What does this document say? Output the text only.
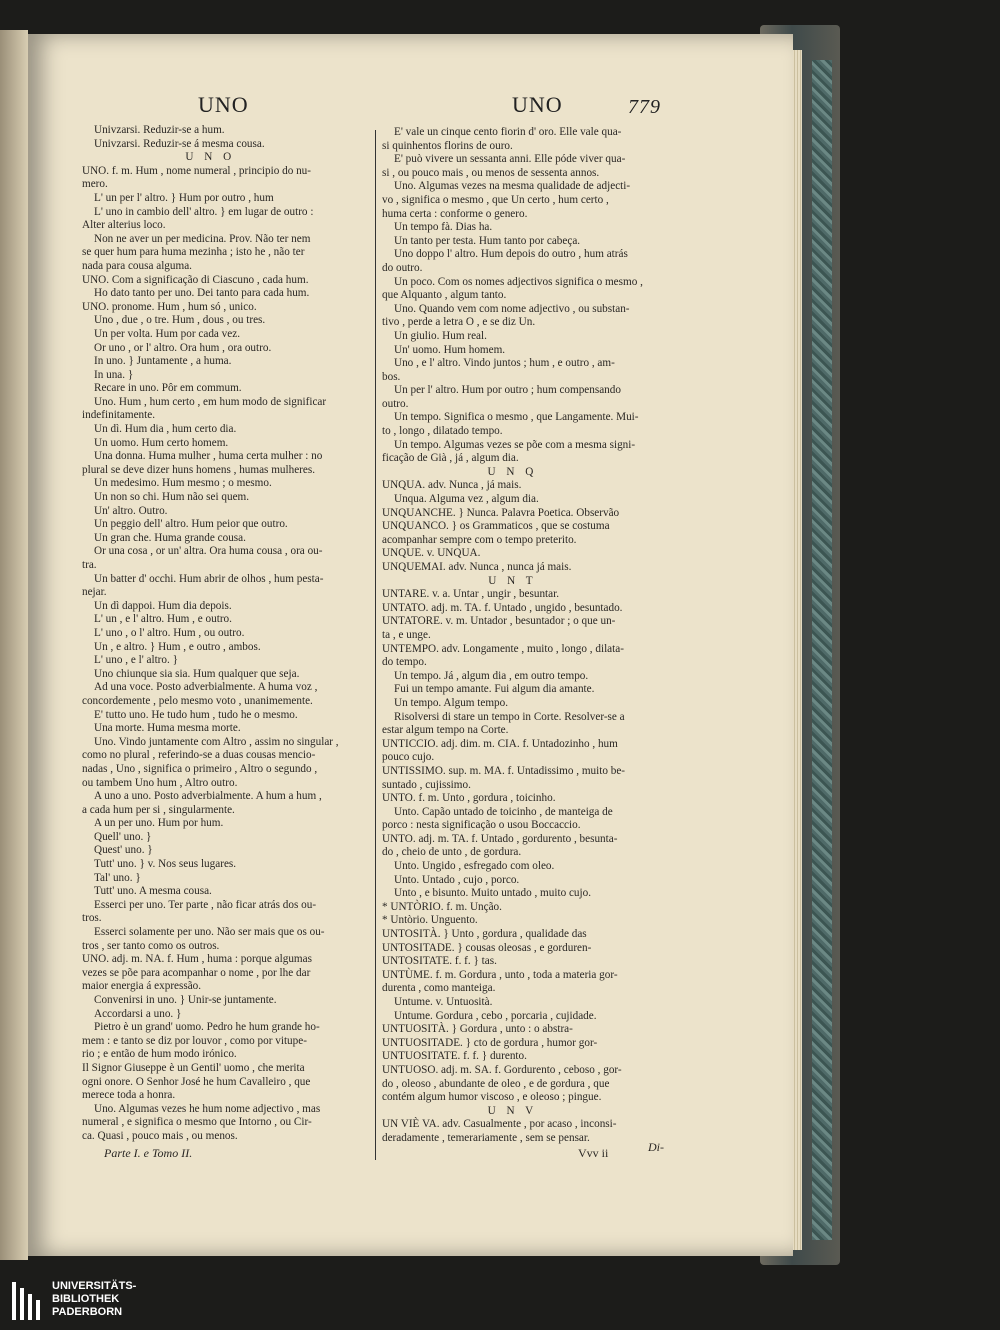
UNO	UNO	779

Univzarsi. Reduzir-se a hum.

Univzarsi. Reduzir-se á mesma cousa.

U N O

UNO. f. m. Hum , nome numeral , principio do nu-

mero.

L' un per l' altro. } Hum por outro , hum

L' uno in cambio dell' altro. } em lugar de outro :

Alter alterius loco.

Non ne aver un per medicina. Prov. Não ter nem

se quer hum para huma mezinha ; isto he , não ter

nada para cousa alguma.

UNO. Com a significação di Ciascuno , cada hum.

Ho dato tanto per uno. Dei tanto para cada hum.

UNO. pronome. Hum , hum só , unico.

Uno , due , o tre. Hum , dous , ou tres.

Un per volta. Hum por cada vez.

Or uno , or l' altro. Ora hum , ora outro.

In uno. } Juntamente , a huma.

In una. }

Recare in uno. Pôr em commum.

Uno. Hum , hum certo , em hum modo de significar

indefinitamente.

Un dì. Hum dia , hum certo dia.

Un uomo. Hum certo homem.

Una donna. Huma mulher , huma certa mulher : no

plural se deve dizer huns homens , humas mulheres.

Un medesimo. Hum mesmo ; o mesmo.

Un non so chi. Hum não sei quem.

Un' altro. Outro.

Un peggio dell' altro. Hum peior que outro.

Un gran che. Huma grande cousa.

Or una cosa , or un' altra. Ora huma cousa , ora ou-

tra.

Un batter d' occhi. Hum abrir de olhos , hum pesta-

nejar.

Un dì dappoi. Hum dia depois.

L' un , e l' altro. Hum , e outro.

L' uno , o l' altro. Hum , ou outro.

Un , e altro. } Hum , e outro , ambos.

L' uno , e l' altro. }

Uno chiunque sia sia. Hum qualquer que seja.

Ad una voce. Posto adverbialmente. A huma voz ,

concordemente , pelo mesmo voto , unanimemente.

E' tutto uno. He tudo hum , tudo he o mesmo.

Una morte. Huma mesma morte.

Uno. Vindo juntamente com Altro , assim no singular ,

como no plural , referindo-se a duas cousas mencio-

nadas , Uno , significa o primeiro , Altro o segundo ,

ou tambem Uno hum , Altro outro.

A uno a uno. Posto adverbialmente. A hum a hum ,

a cada hum per si , singularmente.

A un per uno. Hum por hum.

Quell' uno. }

Quest' uno. }

Tutt' uno. } v. Nos seus lugares.

Tal' uno. }

Tutt' uno. A mesma cousa.

Esserci per uno. Ter parte , não ficar atrás dos ou-

tros.

Esserci solamente per uno. Não ser mais que os ou-

tros , ser tanto como os outros.

UNO. adj. m. NA. f. Hum , huma : porque algumas

vezes se põe para acompanhar o nome , por lhe dar

maior energia á expressão.

Convenirsi in uno. } Unir-se juntamente.

Accordarsi a uno. }

Pietro è un grand' uomo. Pedro he hum grande ho-

mem : e tanto se diz por louvor , como por vitupe-

rio ; e então de hum modo irónico.

Il Signor Giuseppe è un Gentil' uomo , che merita

ogni onore. O Senhor José he hum Cavalleiro , que

merece toda a honra.

Uno. Algumas vezes he hum nome adjectivo , mas

numeral , e significa o mesmo que Intorno , ou Cir-

ca. Quasi , pouco mais , ou menos.

E' vale un cinque cento fiorin d' oro. Elle vale qua-

si quinhentos florins de ouro.

E' può vivere un sessanta anni. Elle póde viver qua-

si , ou pouco mais , ou menos de sessenta annos.

Uno. Algumas vezes na mesma qualidade de adjecti-

vo , significa o mesmo , que Un certo , hum certo ,

huma certa : conforme o genero.

Un tempo fà. Dias ha.

Un tanto per testa. Hum tanto por cabeça.

Uno doppo l' altro. Hum depois do outro , hum atrás

do outro.

Un poco. Com os nomes adjectivos significa o mesmo ,

que Alquanto , algum tanto.

Uno. Quando vem com nome adjectivo , ou substan-

tivo , perde a letra O , e se diz Un.

Un giulio. Hum real.

Un' uomo. Hum homem.

Uno , e l' altro. Vindo juntos ; hum , e outro , am-

bos.

Un per l' altro. Hum por outro ; hum compensando

outro.

Un tempo. Significa o mesmo , que Langamente. Mui-

to , longo , dilatado tempo.

Un tempo. Algumas vezes se põe com a mesma signi-

ficação de Già , já , algum dia.

U N Q

UNQUA. adv. Nunca , já mais.

Unqua. Alguma vez , algum dia.

UNQUANCHE. } Nunca. Palavra Poetica. Observão

UNQUANCO. } os Grammaticos , que se costuma

acompanhar sempre com o tempo preterito.

UNQUE. v. UNQUA.

UNQUEMAI. adv. Nunca , nunca já mais.

U N T

UNTARE. v. a. Untar , ungir , besuntar.

UNTATO. adj. m. TA. f. Untado , ungido , besuntado.

UNTATORE. v. m. Untador , besuntador ; o que un-

ta , e unge.

UNTEMPO. adv. Longamente , muito , longo , dilata-

do tempo.

Un tempo. Já , algum dia , em outro tempo.

Fui un tempo amante. Fui algum dia amante.

Un tempo. Algum tempo.

Risolversi di stare un tempo in Corte. Resolver-se a

estar algum tempo na Corte.

UNTICCIO. adj. dim. m. CIA. f. Untadozinho , hum

pouco cujo.

UNTISSIMO. sup. m. MA. f. Untadissimo , muito be-

suntado , cujissimo.

UNTO. f. m. Unto , gordura , toicinho.

Unto. Capão untado de toicinho , de manteiga de

porco : nesta significação o usou Boccaccio.

UNTO. adj. m. TA. f. Untado , gordurento , besunta-

do , cheio de unto , de gordura.

Unto. Ungido , esfregado com oleo.

Unto. Untado , cujo , porco.

Unto , e bisunto. Muito untado , muito cujo.

* UNTÒRIO. f. m. Unção.

* Untòrio. Unguento.

UNTOSITÀ. } Unto , gordura , qualidade das

UNTOSITADE. } cousas oleosas , e gorduren-

UNTOSITATE. f. f. } tas.

UNTÙME. f. m. Gordura , unto , toda a materia gor-

durenta , como manteiga.

Untume. v. Untuosità.

Untume. Gordura , cebo , porcaria , cujidade.

UNTUOSITÀ. } Gordura , unto : o abstra-

UNTUOSITADE. } cto de gordura , humor gor-

UNTUOSITATE. f. f. } durento.

UNTUOSO. adj. m. SA. f. Gordurento , ceboso , gor-

do , oleoso , abundante de oleo , e de gordura , que

contém algum humor viscoso , e oleoso ; pingue.

U N V

UN VIÈ VA. adv. Casualmente , por acaso , inconsi-

deradamente , temerariamente , sem se pensar.

Parte I. e Tomo II.	Vvv ii	Di-
UNIVERSITÄTS-
BIBLIOTHEK
PADERBORN
